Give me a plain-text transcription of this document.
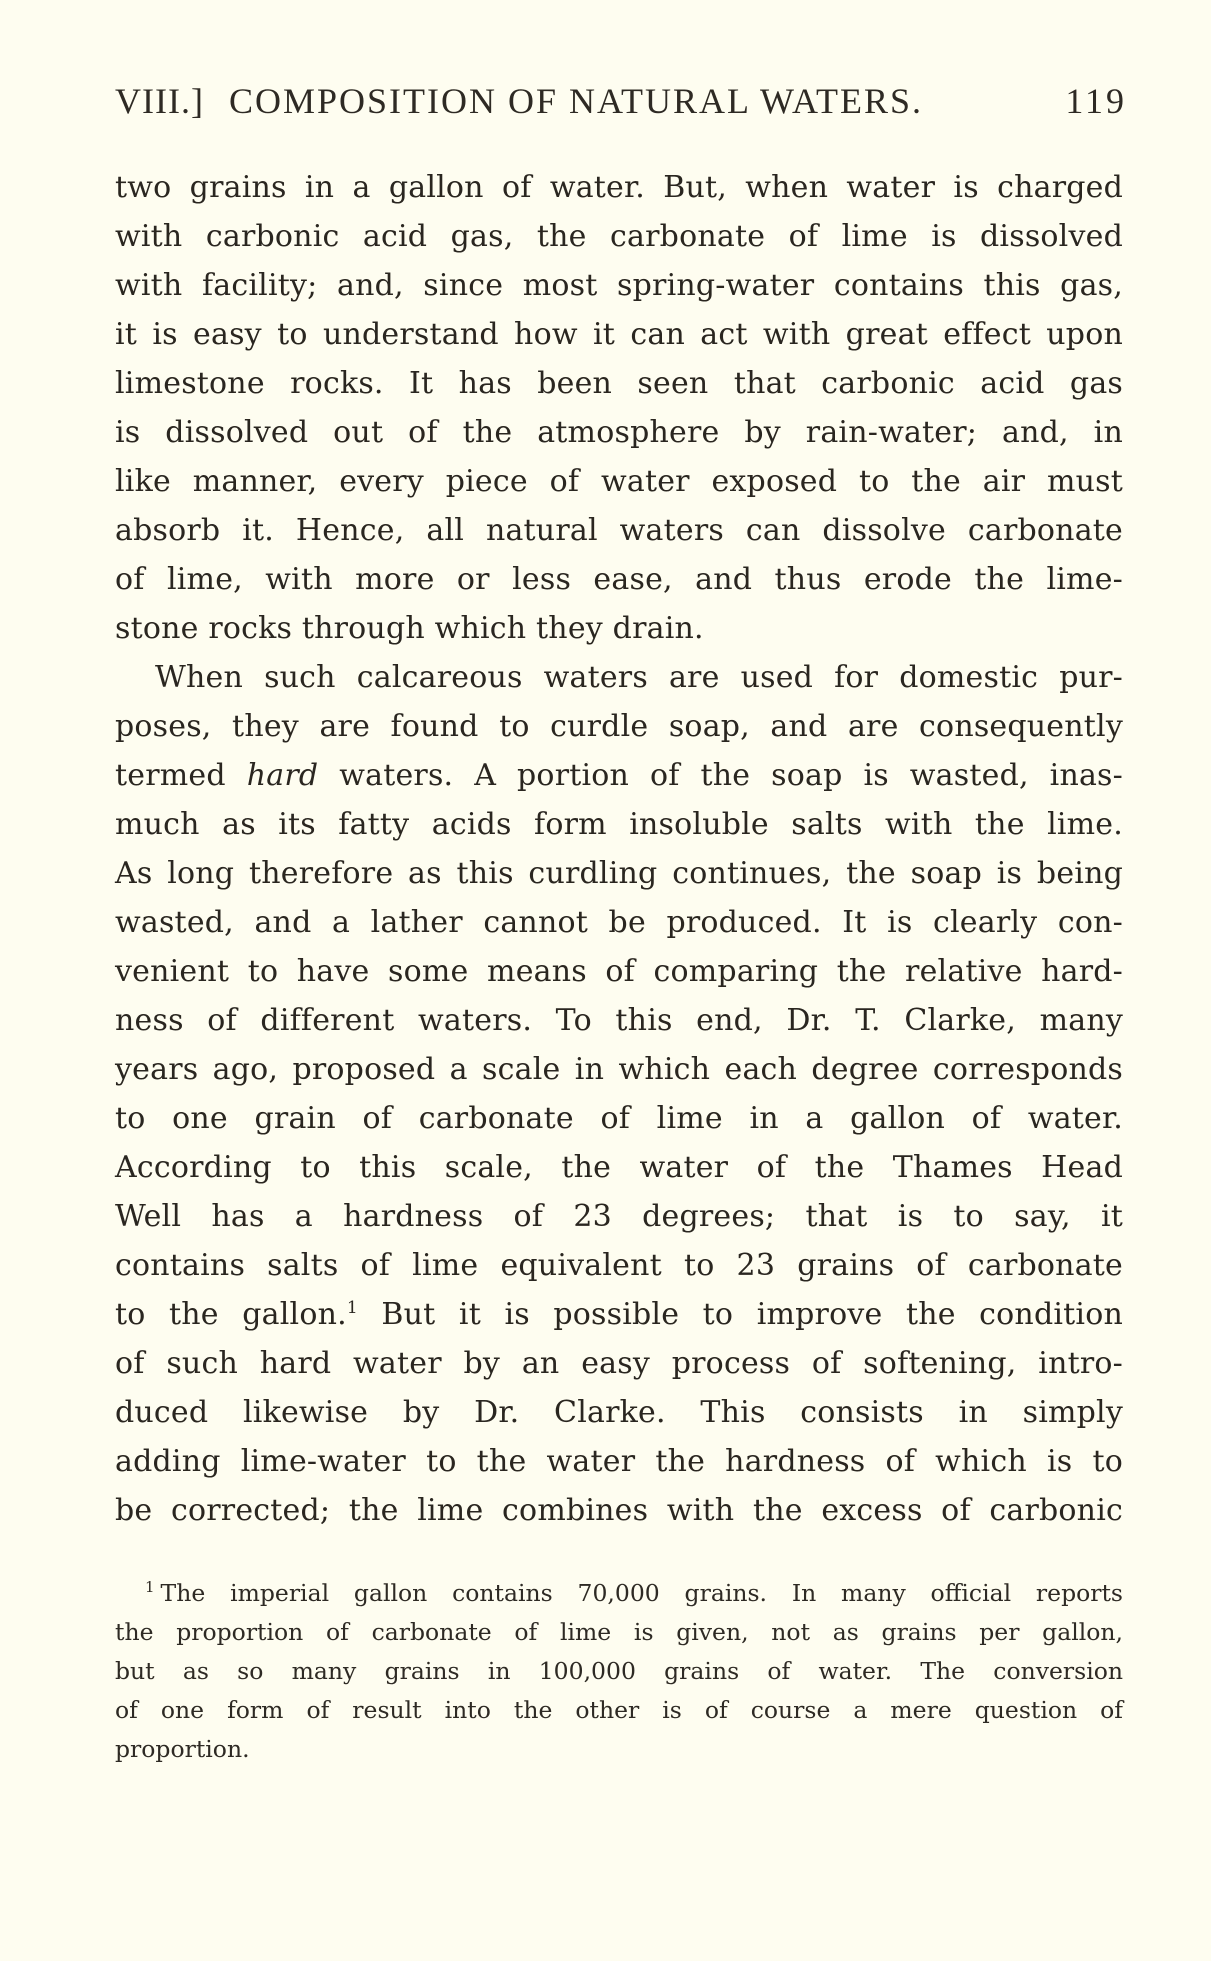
VIII.] COMPOSITION OF NATURAL WATERS.	119
two grains in a gallon of water. But, when water is charged
with carbonic acid gas, the carbonate of lime is dissolved
with facility; and, since most spring-water contains this gas,
it is easy to understand how it can act with great effect upon
limestone rocks. It has been seen that carbonic acid gas
is dissolved out of the atmosphere by rain-water; and, in
like manner, every piece of water exposed to the air must
absorb it. Hence, all natural waters can dissolve carbonate
of lime, with more or less ease, and thus erode the lime-
stone rocks through which they drain.
When such calcareous waters are used for domestic pur-
poses, they are found to curdle soap, and are consequently
termed hard waters. A portion of the soap is wasted, inas-
much as its fatty acids form insoluble salts with the lime.
As long therefore as this curdling continues, the soap is being
wasted, and a lather cannot be produced. It is clearly con-
venient to have some means of comparing the relative hard-
ness of different waters. To this end, Dr. T. Clarke, many
years ago, proposed a scale in which each degree corresponds
to one grain of carbonate of lime in a gallon of water.
According to this scale, the water of the Thames Head
Well has a hardness of 23 degrees; that is to say, it
contains salts of lime equivalent to 23 grains of carbonate
to the gallon.$^1$ But it is possible to improve the condition
of such hard water by an easy process of softening, intro-
duced likewise by Dr. Clarke. This consists in simply
adding lime-water to the water the hardness of which is to
be corrected; the lime combines with the excess of carbonic
$^1$ The imperial gallon contains 70,000 grains. In many official reports
the proportion of carbonate of lime is given, not as grains per gallon,
but as so many grains in 100,000 grains of water. The conversion
of one form of result into the other is of course a mere question of
proportion.
